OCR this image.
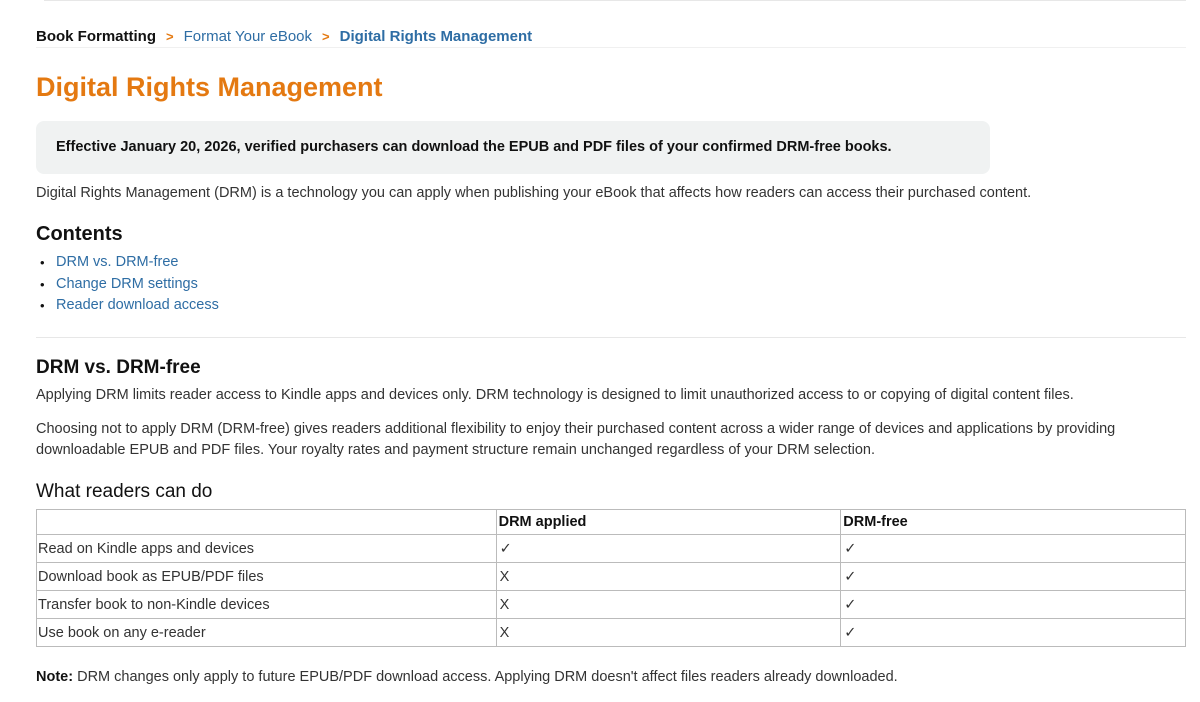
Book Formatting > Format Your eBook > Digital Rights Management
Digital Rights Management
Effective January 20, 2026, verified purchasers can download the EPUB and PDF files of your confirmed DRM-free books.

Digital Rights Management (DRM) is a technology you can apply when publishing your eBook that affects how readers can access their purchased content.

Contents
• DRM vs. DRM-free
• Change DRM settings
• Reader download access
DRM vs. DRM-free

Applying DRM limits reader access to Kindle apps and devices only. DRM technology is designed to limit unauthorized access to or copying of digital content files.

Choosing not to apply DRM (DRM-free) gives readers additional flexibility to enjoy their purchased content across a wider range of devices and applications by providing

downloadable EPUB and PDF files. Your royalty rates and payment structure remain unchanged regardless of your DRM selection.

What readers can do
	DRM applied	DRM-free
Read on Kindle apps and devices	✓	✓
Download book as EPUB/PDF files	X	✓
Transfer book to non-Kindle devices	X	✓
Use book on any e-reader	X	✓

Note: DRM changes only apply to future EPUB/PDF download access. Applying DRM doesn't affect files readers already downloaded.
